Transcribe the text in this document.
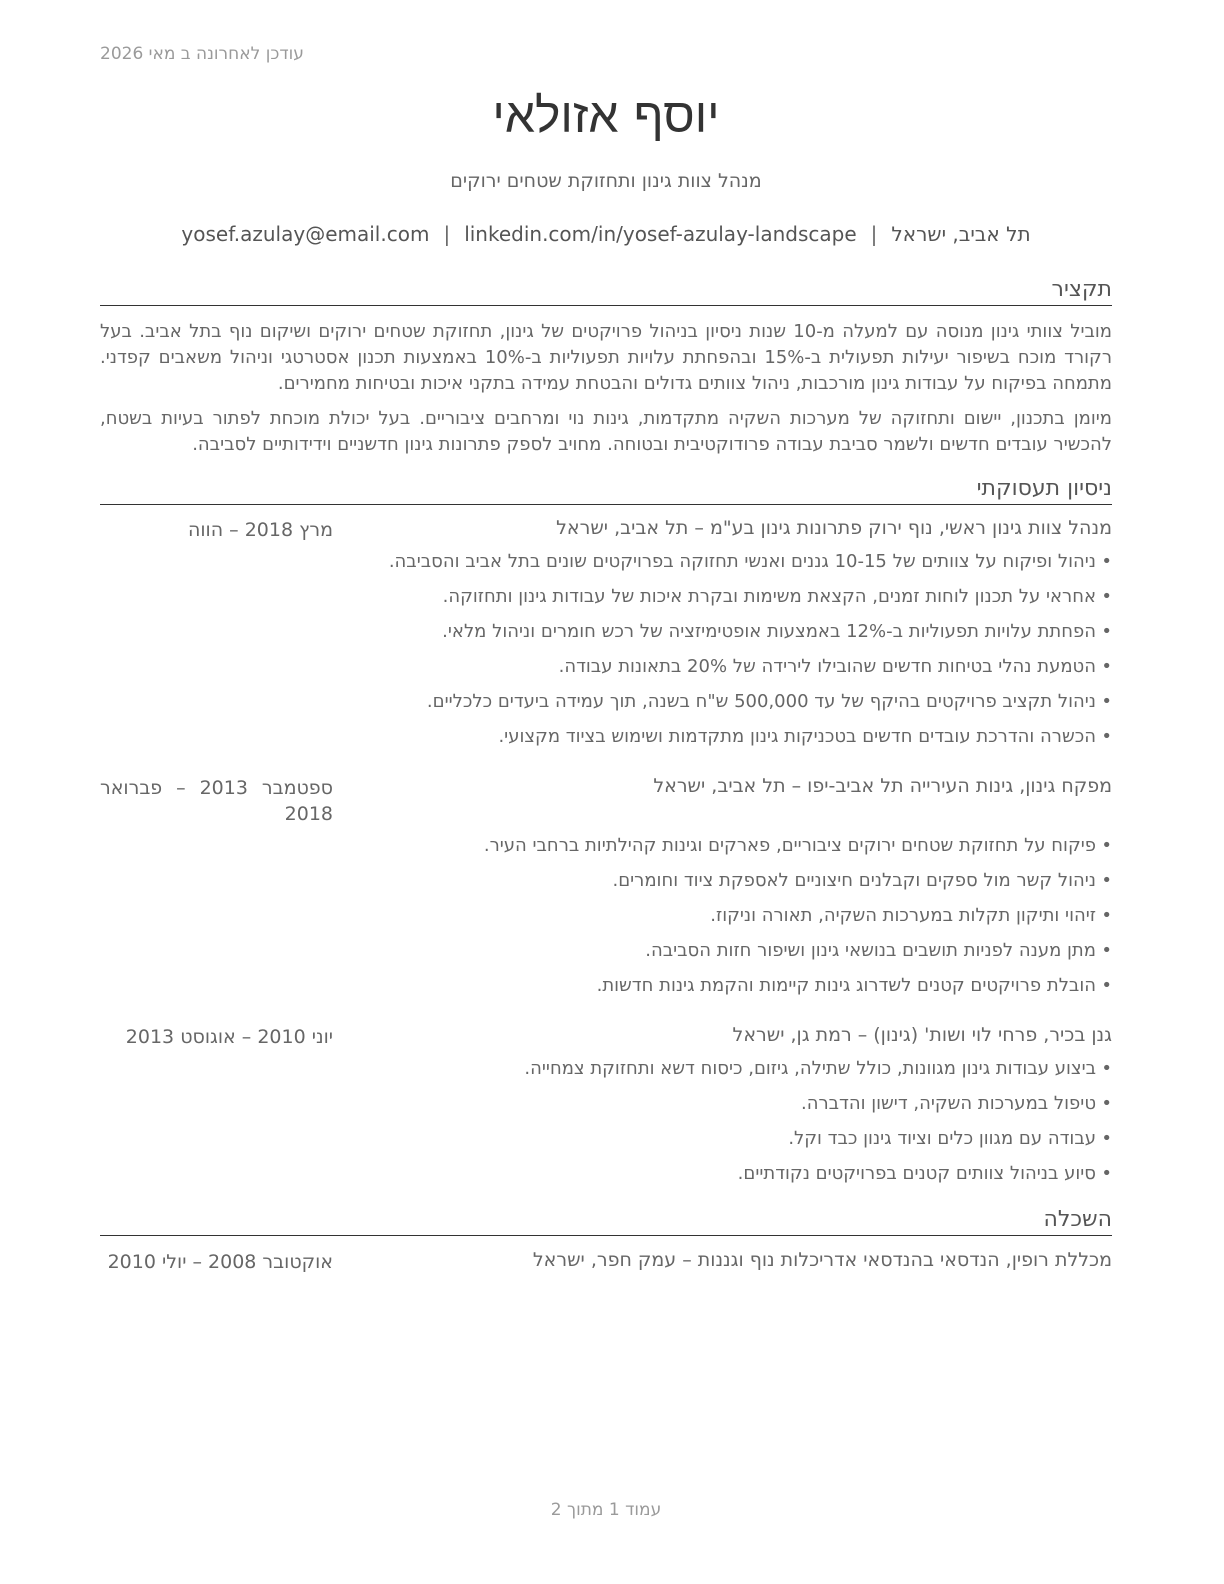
עודכן לאחרונה ב מאי 2026
יוסף אזולאי
מנהל צוות גינון ותחזוקת שטחים ירוקים
תל אביב, ישראל|yosef.azulay@email.com | linkedin.com/in/yosef-azulay-landscape
תקציר

מוביל צוותי גינון מנוסה עם למעלה מ-10 שנות ניסיון בניהול פרויקטים של גינון, תחזוקת שטחים ירוקים ושיקום נוף בתל אביב. בעל רקורד מוכח בשיפור יעילות תפעולית ב-15% ובהפחתת עלויות תפעוליות ב-10% באמצעות תכנון אסטרטגי וניהול משאבים קפדני. מתמחה בפיקוח על עבודות גינון מורכבות, ניהול צוותים גדולים והבטחת עמידה בתקני איכות ובטיחות מחמירים.

מיומן בתכנון, יישום ותחזוקה של מערכות השקיה מתקדמות, גינות נוי ומרחבים ציבוריים. בעל יכולת מוכחת לפתור בעיות בשטח, להכשיר עובדים חדשים ולשמר סביבת עבודה פרודוקטיבית ובטוחה. מחויב לספק פתרונות גינון חדשניים וידידותיים לסביבה.

ניסיון תעסוקתי
מנהל צוות גינון ראשי, נוף ירוק פתרונות גינון בע"מ – תל אביב, ישראל
מרץ 2018 – הווה
• ניהול ופיקוח על צוותים של 10-15 גננים ואנשי תחזוקה בפרויקטים שונים בתל אביב והסביבה.
• אחראי על תכנון לוחות זמנים, הקצאת משימות ובקרת איכות של עבודות גינון ותחזוקה.
• הפחתת עלויות תפעוליות ב-12% באמצעות אופטימיזציה של רכש חומרים וניהול מלאי.
• הטמעת נהלי בטיחות חדשים שהובילו לירידה של 20% בתאונות עבודה.
• ניהול תקציב פרויקטים בהיקף של עד 500,000 ש"ח בשנה, תוך עמידה ביעדים כלכליים.
• הכשרה והדרכת עובדים חדשים בטכניקות גינון מתקדמות ושימוש בציוד מקצועי.
מפקח גינון, גינות העירייה תל אביב-יפו – תל אביב, ישראל
ספטמבר 2013 – פברואר 2018
• פיקוח על תחזוקת שטחים ירוקים ציבוריים, פארקים וגינות קהילתיות ברחבי העיר.
• ניהול קשר מול ספקים וקבלנים חיצוניים לאספקת ציוד וחומרים.
• זיהוי ותיקון תקלות במערכות השקיה, תאורה וניקוז.
• מתן מענה לפניות תושבים בנושאי גינון ושיפור חזות הסביבה.
• הובלת פרויקטים קטנים לשדרוג גינות קיימות והקמת גינות חדשות.
גנן בכיר, פרחי לוי ושות' (גינון) – רמת גן, ישראל
יוני 2010 – אוגוסט 2013
• ביצוע עבודות גינון מגוונות, כולל שתילה, גיזום, כיסוח דשא ותחזוקת צמחייה.
• טיפול במערכות השקיה, דישון והדברה.
• עבודה עם מגוון כלים וציוד גינון כבד וקל.
• סיוע בניהול צוותים קטנים בפרויקטים נקודתיים.
השכלה
מכללת רופין, הנדסאי בהנדסאי אדריכלות נוף וגננות – עמק חפר, ישראל
אוקטובר 2008 – יולי 2010
עמוד 1 מתוך 2
